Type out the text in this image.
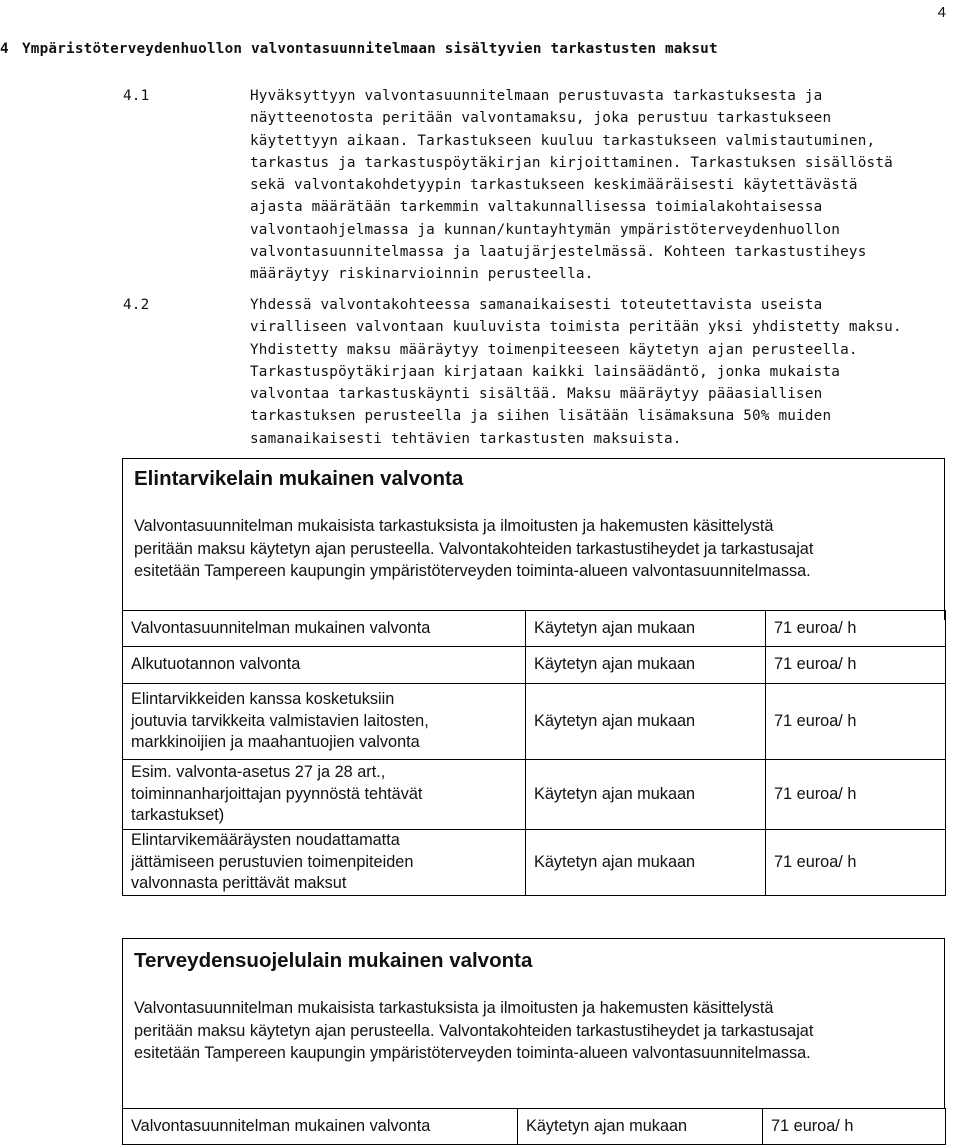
4
4 Ympäristöterveydenhuollon valvontasuunnitelmaan sisältyvien tarkastusten maksut
4.1	Hyväksyttyyn valvontasuunnitelmaan perustuvasta tarkastuksesta ja
näytteenotosta peritään valvontamaksu, joka perustuu tarkastukseen
käytettyyn aikaan. Tarkastukseen kuuluu tarkastukseen valmistautuminen,
tarkastus ja tarkastuspöytäkirjan kirjoittaminen. Tarkastuksen sisällöstä
sekä valvontakohdetyypin tarkastukseen keskimääräisesti käytettävästä
ajasta määrätään tarkemmin valtakunnallisessa toimialakohtaisessa
valvontaohjelmassa ja kunnan/kuntayhtymän ympäristöterveydenhuollon
valvontasuunnitelmassa ja laatujärjestelmässä. Kohteen tarkastustiheys
määräytyy riskinarvioinnin perusteella.
4.2	Yhdessä valvontakohteessa samanaikaisesti toteutettavista useista
viralliseen valvontaan kuuluvista toimista peritään yksi yhdistetty maksu.
Yhdistetty maksu määräytyy toimenpiteeseen käytetyn ajan perusteella.
Tarkastuspöytäkirjaan kirjataan kaikki lainsäädäntö, jonka mukaista
valvontaa tarkastuskäynti sisältää. Maksu määräytyy pääasiallisen
tarkastuksen perusteella ja siihen lisätään lisämaksuna 50% muiden
samanaikaisesti tehtävien tarkastusten maksuista.
Elintarvikelain mukainen valvonta
Valvontasuunnitelman mukaisista tarkastuksista ja ilmoitusten ja hakemusten käsittelystä
peritään maksu käytetyn ajan perusteella. Valvontakohteiden tarkastustiheydet ja tarkastusajat
esitetään Tampereen kaupungin ympäristöterveyden toiminta-alueen valvontasuunnitelmassa.
Valvontasuunnitelman mukainen valvonta	Käytetyn ajan mukaan	71 euroa/ h

Alkutuotannon valvonta	Käytetyn ajan mukaan	71 euroa/ h

Elintarvikkeiden kanssa kosketuksiin
joutuvia tarvikkeita valmistavien laitosten,
markkinoijien ja maahantuojien valvonta	Käytetyn ajan mukaan	71 euroa/ h

Esim. valvonta-asetus 27 ja 28 art.,
toiminnanharjoittajan pyynnöstä tehtävät
tarkastukset)	Käytetyn ajan mukaan	71 euroa/ h

Elintarvikemääräysten noudattamatta
jättämiseen perustuvien toimenpiteiden
valvonnasta perittävät maksut	Käytetyn ajan mukaan	71 euroa/ h
Terveydensuojelulain mukainen valvonta
Valvontasuunnitelman mukaisista tarkastuksista ja ilmoitusten ja hakemusten käsittelystä
peritään maksu käytetyn ajan perusteella. Valvontakohteiden tarkastustiheydet ja tarkastusajat
esitetään Tampereen kaupungin ympäristöterveyden toiminta-alueen valvontasuunnitelmassa.
Valvontasuunnitelman mukainen valvonta	Käytetyn ajan mukaan	71 euroa/ h
